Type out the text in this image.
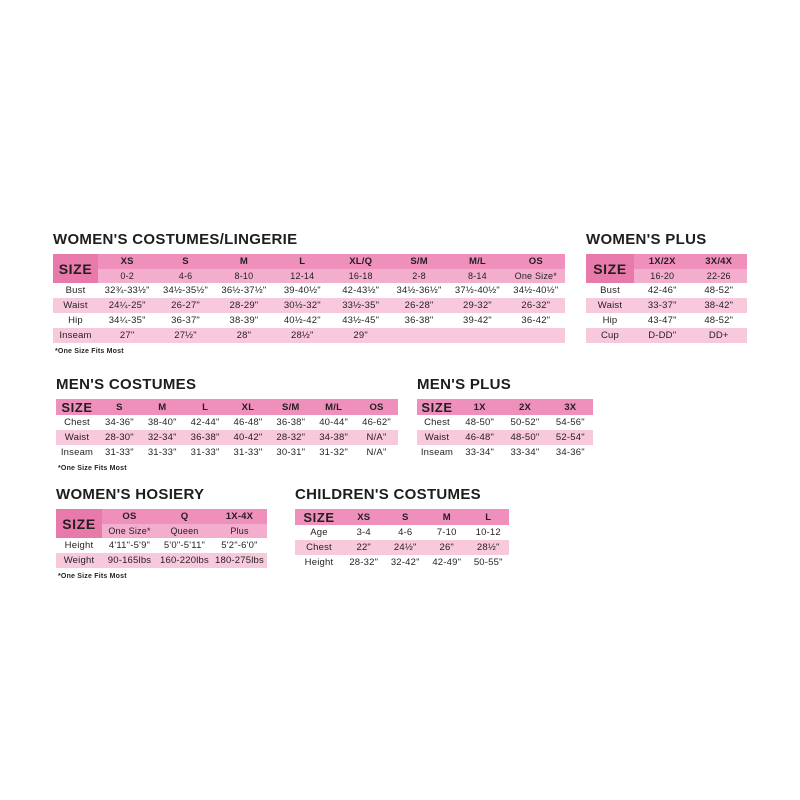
WOMEN'S COSTUMES/LINGERIE
SIZE	XS	S	M	L	XL/Q	S/M	M/L	OS
	0-2	4-6	8-10	12-14	16-18	2-8	8-14	One Size*
Bust	32¾-33½"	34½-35½"	36½-37½"	39-40½"	42-43½"	34½-36½"	37½-40½"	34½-40½"
Waist	24¼-25"	26-27"	28-29"	30½-32"	33½-35"	26-28"	29-32"	26-32"
Hip	34¼-35"	36-37"	38-39"	40½-42"	43½-45"	36-38"	39-42"	36-42"
Inseam	27"	27½"	28"	28½"	29"			
*One Size Fits Most
WOMEN'S PLUS
SIZE	1X/2X	3X/4X
	16-20	22-26
Bust	42-46"	48-52"
Waist	33-37"	38-42"
Hip	43-47"	48-52"
Cup	D-DD"	DD+
MEN'S COSTUMES
SIZE	S	M	L	XL	S/M	M/L	OS
Chest	34-36"	38-40"	42-44"	46-48"	36-38"	40-44"	46-62"
Waist	28-30"	32-34"	36-38"	40-42"	28-32"	34-38"	N/A"
Inseam	31-33"	31-33"	31-33"	31-33"	30-31"	31-32"	N/A"
*One Size Fits Most
MEN'S PLUS
SIZE	1X	2X	3X
Chest	48-50"	50-52"	54-56"
Waist	46-48"	48-50"	52-54"
Inseam	33-34"	33-34"	34-36"
WOMEN'S HOSIERY
SIZE	OS	Q	1X-4X
	One Size*	Queen	Plus
Height	4'11"-5'9"	5'0"-5'11"	5'2"-6'0"
Weight	90-165lbs	160-220lbs	180-275lbs
*One Size Fits Most
CHILDREN'S COSTUMES
SIZE	XS	S	M	L
Age	3-4	4-6	7-10	10-12
Chest	22"	24½"	26"	28½"
Height	28-32"	32-42"	42-49"	50-55"
